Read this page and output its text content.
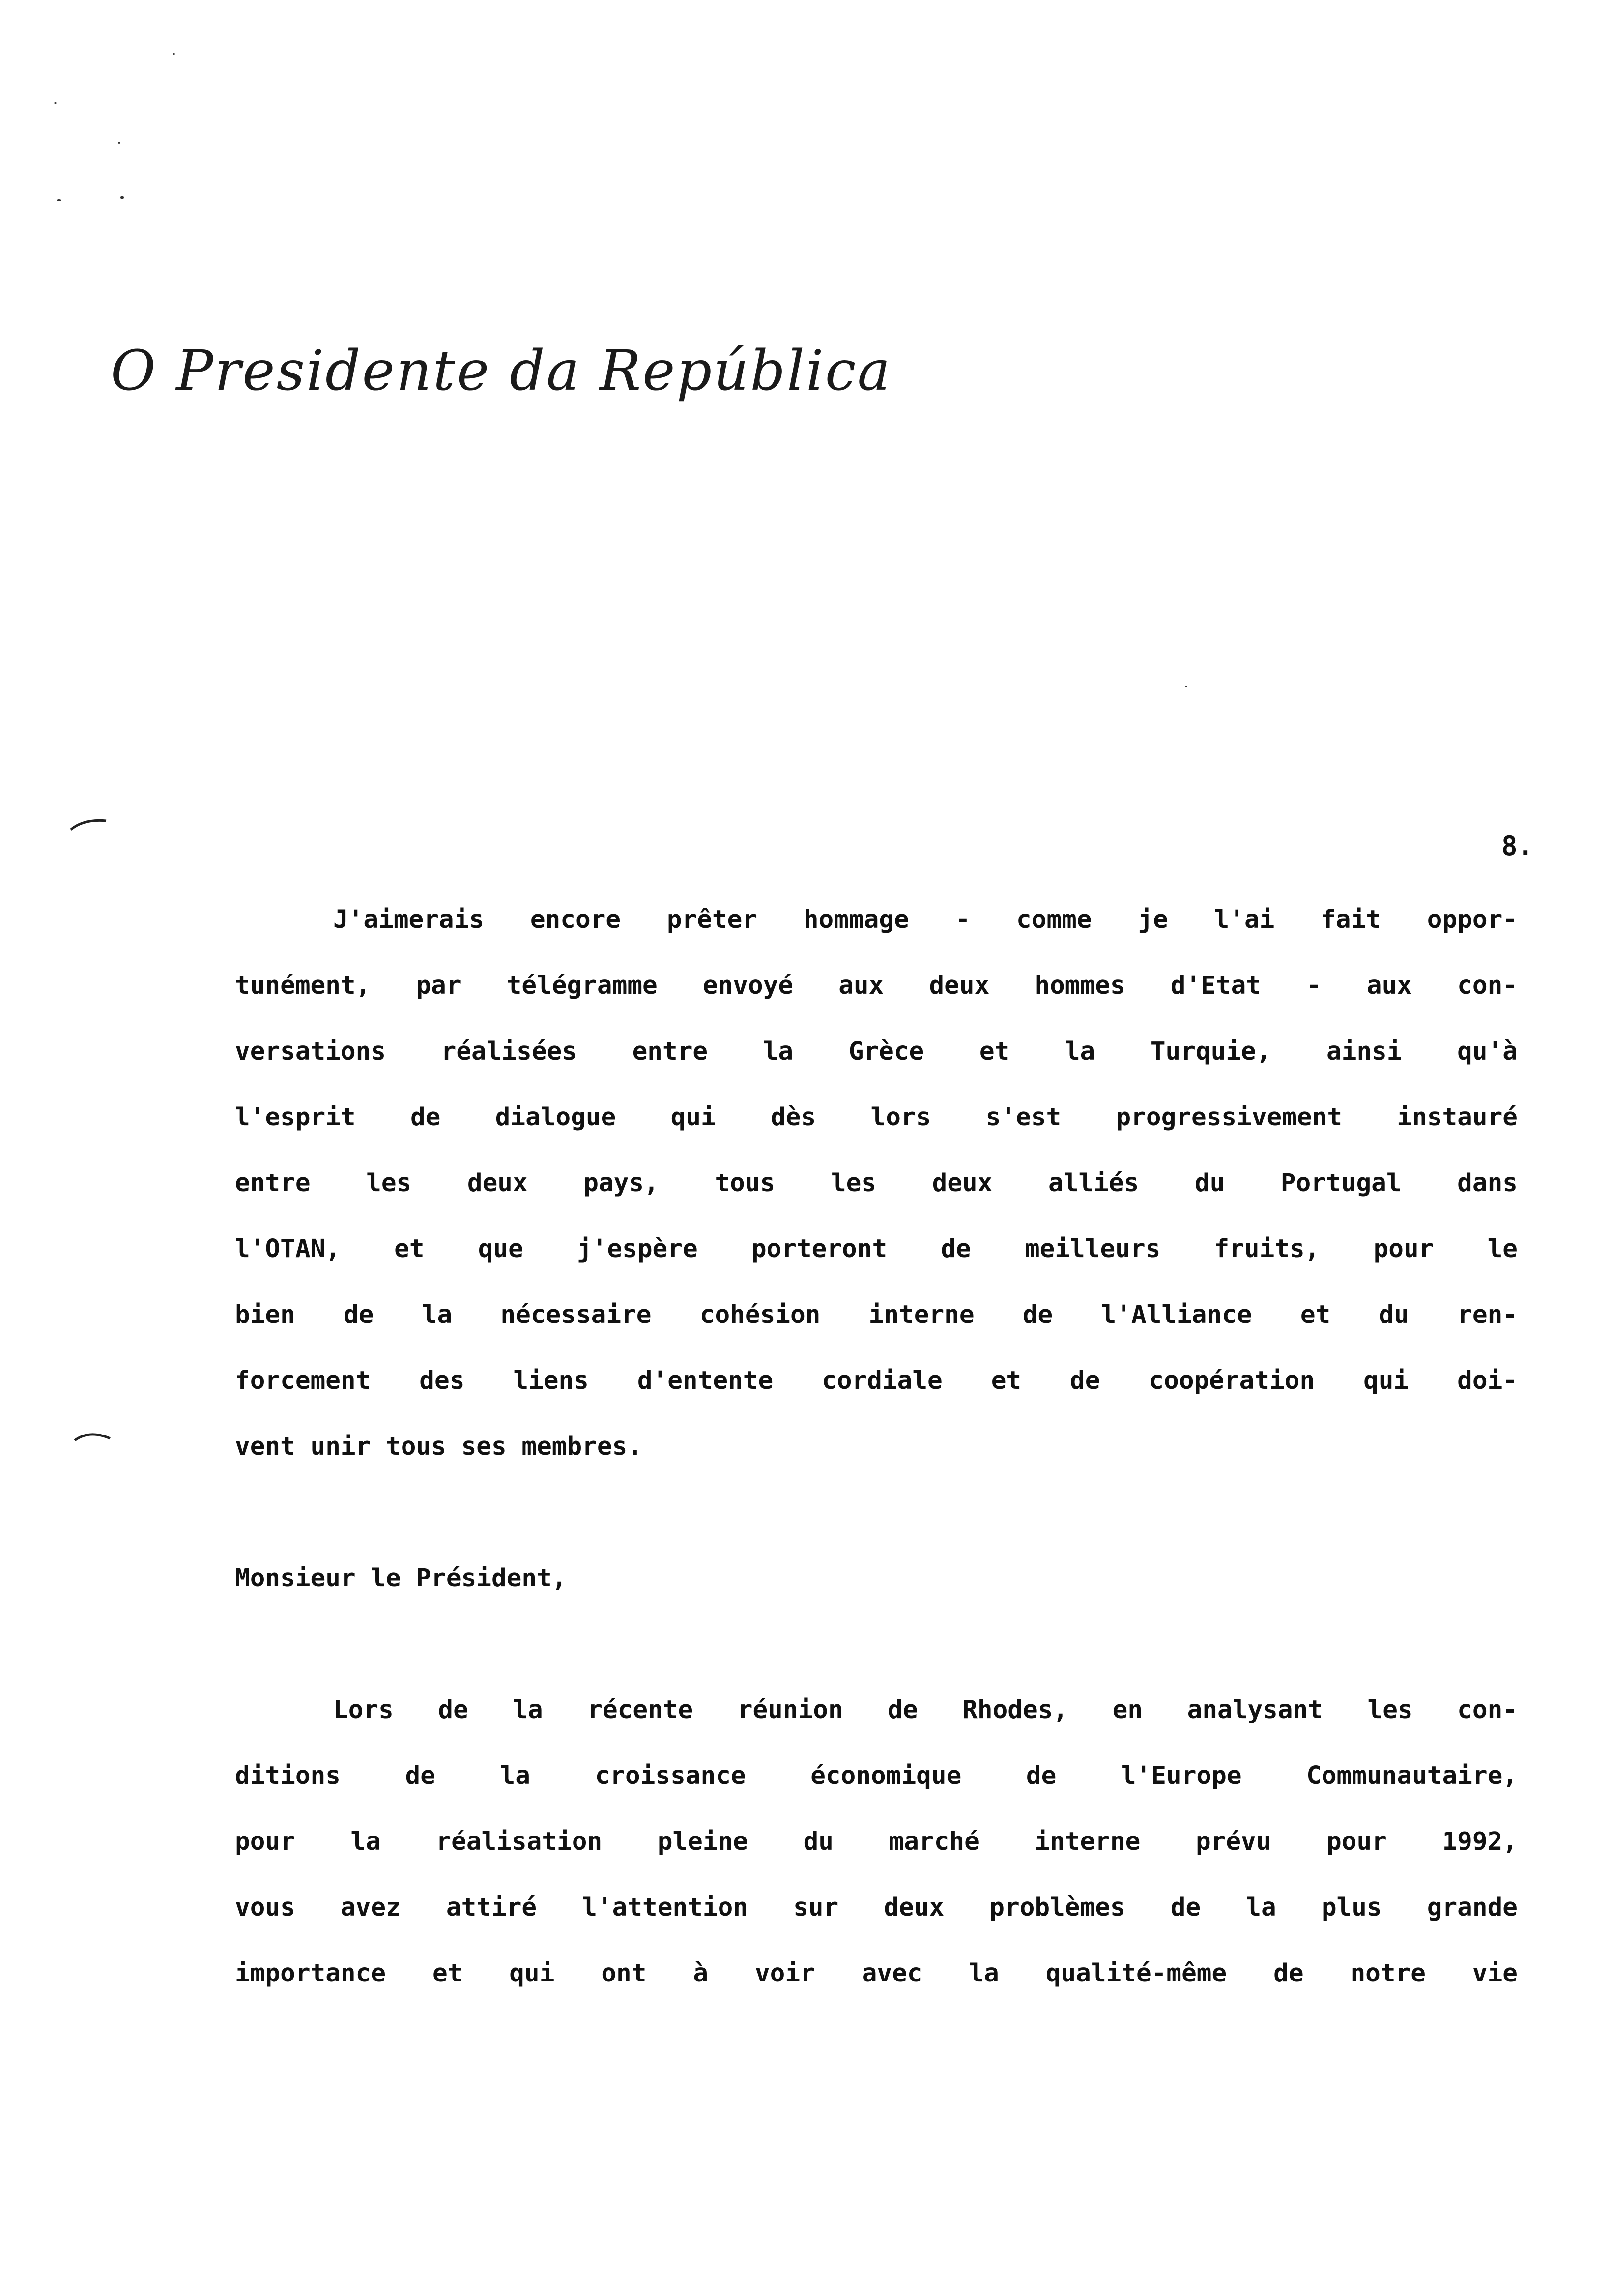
O Presidente da República
8.
J'aimerais encore prêter hommage - comme je l'ai fait oppor-
tunément, par télégramme envoyé aux deux hommes d'Etat - aux con-
versations réalisées entre la Grèce et la Turquie, ainsi qu'à
l'esprit de dialogue qui dès lors s'est progressivement instauré
entre les deux pays, tous les deux alliés du Portugal dans
l'OTAN, et que j'espère porteront de meilleurs fruits, pour le
bien de la nécessaire cohésion interne de l'Alliance et du ren-
forcement des liens d'entente cordiale et de coopération qui doi-
vent unir tous ses membres.
Monsieur le Président,
Lors de la récente réunion de Rhodes, en analysant les con-
ditions de la croissance économique de l'Europe Communautaire,
pour la réalisation pleine du marché interne prévu pour 1992,
vous avez attiré l'attention sur deux problèmes de la plus grande
importance et qui ont à voir avec la qualité-même de notre vie
